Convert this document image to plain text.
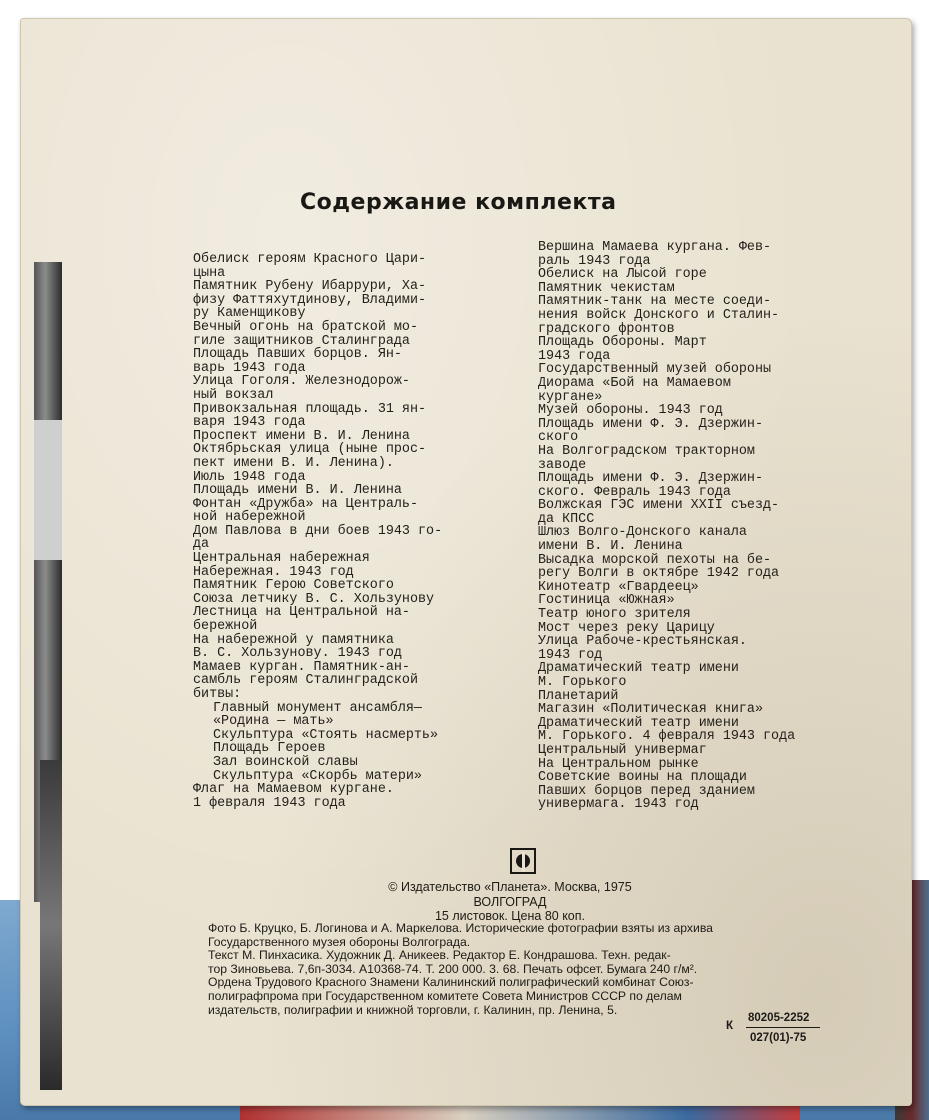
Содержание комплекта
Обелиск героям Красного Цари-
цына
Памятник Рубену Ибаррури, Ха-
физу Фаттяхутдинову, Владими-
ру Каменщикову
Вечный огонь на братской мо-
гиле защитников Сталинграда
Площадь Павших борцов. Ян-
варь 1943 года
Улица Гоголя. Железнодорож-
ный вокзал
Привокзальная площадь. 31 ян-
варя 1943 года
Проспект имени В. И. Ленина
Октябрьская улица (ныне прос-
пект имени В. И. Ленина).
Июль 1948 года
Площадь имени В. И. Ленина
Фонтан «Дружба» на Централь-
ной набережной
Дом Павлова в дни боев 1943 го-
да
Центральная набережная
Набережная. 1943 год
Памятник Герою Советского
Союза летчику В. С. Хользунову
Лестница на Центральной на-
бережной
На набережной у памятника
В. С. Хользунову. 1943 год
Мамаев курган. Памятник-ан-
самбль героям Сталинградской
битвы:
Главный монумент ансамбля—
«Родина — мать»
Скульптура «Стоять насмерть»
Площадь Героев
Зал воинской славы
Скульптура «Скорбь матери»
Флаг на Мамаевом кургане.
1 февраля 1943 года
Вершина Мамаева кургана. Фев-
раль 1943 года
Обелиск на Лысой горе
Памятник чекистам
Памятник-танк на месте соеди-
нения войск Донского и Сталин-
градского фронтов
Площадь Обороны. Март
1943 года
Государственный музей обороны
Диорама «Бой на Мамаевом
кургане»
Музей обороны. 1943 год
Площадь имени Ф. Э. Дзержин-
ского
На Волгоградском тракторном
заводе
Площадь имени Ф. Э. Дзержин-
ского. Февраль 1943 года
Волжская ГЭС имени XXII съезд-
да КПСС
Шлюз Волго-Донского канала
имени В. И. Ленина
Высадка морской пехоты на бе-
регу Волги в октябре 1942 года
Кинотеатр «Гвардеец»
Гостиница «Южная»
Театр юного зрителя
Мост через реку Царицу
Улица Рабоче-крестьянская.
1943 год
Драматический театр имени
М. Горького
Планетарий
Магазин «Политическая книга»
Драматический театр имени
М. Горького. 4 февраля 1943 года
Центральный универмаг
На Центральном рынке
Советские воины на площади
Павших борцов перед зданием
универмага. 1943 год
© Издательство «Планета». Москва, 1975
ВОЛГОГРАД
15 листовок. Цена 80 коп.
Фото Б. Круцко, Б. Логинова и А. Маркелова. Исторические фотографии взяты из архива
Государственного музея обороны Волгограда.
Текст М. Пинхасика. Художник Д. Аникеев. Редактор Е. Кондрашова. Техн. редак-
тор Зиновьева. 7,6п-3034. А10368-74. Т. 200 000. 3. 68. Печать офсет. Бумага 240 г/м².
Ордена Трудового Красного Знамени Калининский полиграфический комбинат Союз-
полиграфпрома при Государственном комитете Совета Министров СССР по делам
издательств, полиграфии и книжной торговли, г. Калинин, пр. Ленина, 5.
К
80205-2252
027(01)-75
